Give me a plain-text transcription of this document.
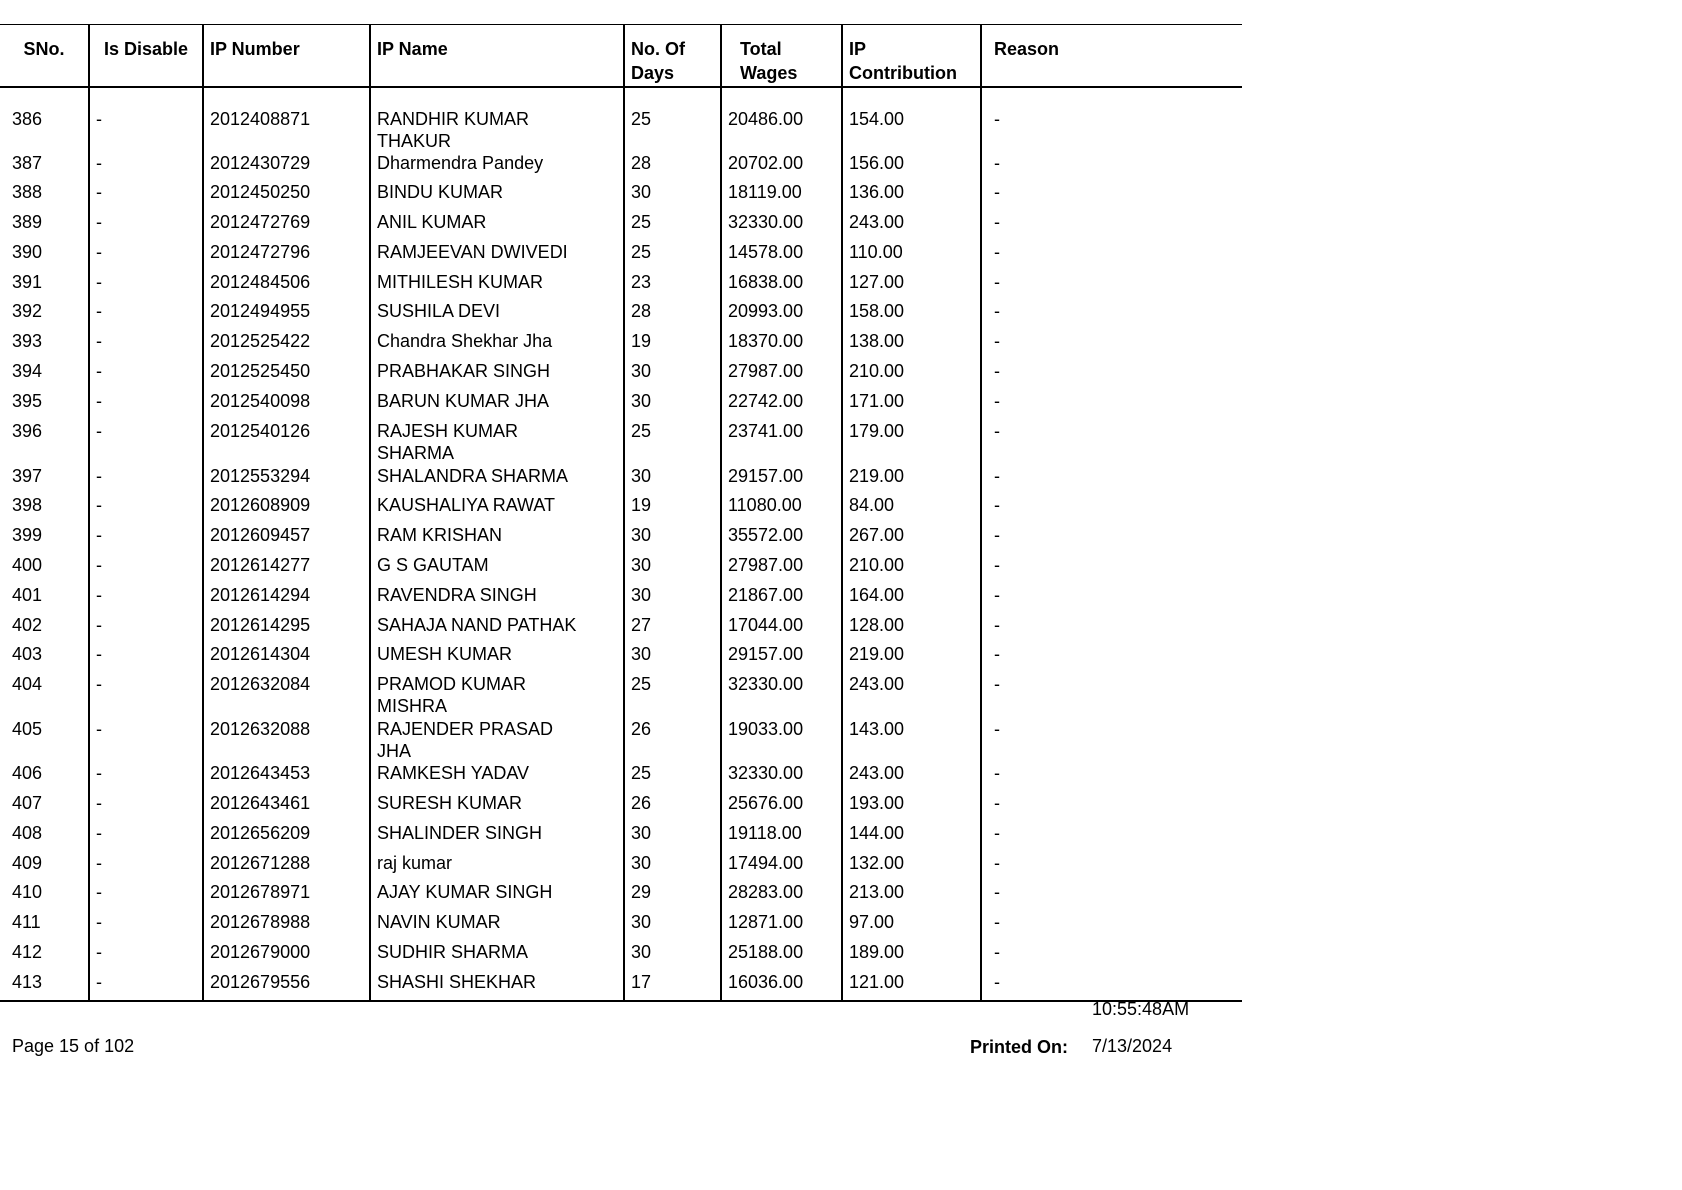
SNo.	Is Disable	IP Number	IP Name	No. Of Days	Total Wages	IP Contribution	Reason
386	-	2012408871	RANDHIR KUMAR THAKUR	25	20486.00	154.00	-
387	-	2012430729	Dharmendra Pandey	28	20702.00	156.00	-
388	-	2012450250	BINDU KUMAR	30	18119.00	136.00	-
389	-	2012472769	ANIL KUMAR	25	32330.00	243.00	-
390	-	2012472796	RAMJEEVAN DWIVEDI	25	14578.00	110.00	-
391	-	2012484506	MITHILESH KUMAR	23	16838.00	127.00	-
392	-	2012494955	SUSHILA DEVI	28	20993.00	158.00	-
393	-	2012525422	Chandra Shekhar Jha	19	18370.00	138.00	-
394	-	2012525450	PRABHAKAR SINGH	30	27987.00	210.00	-
395	-	2012540098	BARUN KUMAR JHA	30	22742.00	171.00	-
396	-	2012540126	RAJESH KUMAR SHARMA	25	23741.00	179.00	-
397	-	2012553294	SHALANDRA SHARMA	30	29157.00	219.00	-
398	-	2012608909	KAUSHALIYA RAWAT	19	11080.00	84.00	-
399	-	2012609457	RAM KRISHAN	30	35572.00	267.00	-
400	-	2012614277	G S GAUTAM	30	27987.00	210.00	-
401	-	2012614294	RAVENDRA SINGH	30	21867.00	164.00	-
402	-	2012614295	SAHAJA NAND PATHAK	27	17044.00	128.00	-
403	-	2012614304	UMESH KUMAR	30	29157.00	219.00	-
404	-	2012632084	PRAMOD KUMAR MISHRA	25	32330.00	243.00	-
405	-	2012632088	RAJENDER PRASAD JHA	26	19033.00	143.00	-
406	-	2012643453	RAMKESH YADAV	25	32330.00	243.00	-
407	-	2012643461	SURESH KUMAR	26	25676.00	193.00	-
408	-	2012656209	SHALINDER SINGH	30	19118.00	144.00	-
409	-	2012671288	raj kumar	30	17494.00	132.00	-
410	-	2012678971	AJAY KUMAR SINGH	29	28283.00	213.00	-
411	-	2012678988	NAVIN KUMAR	30	12871.00	97.00	-
412	-	2012679000	SUDHIR SHARMA	30	25188.00	189.00	-
413	-	2012679556	SHASHI SHEKHAR	17	16036.00	121.00	-
10:55:48AM
Page 15 of 102	Printed On: 7/13/2024
